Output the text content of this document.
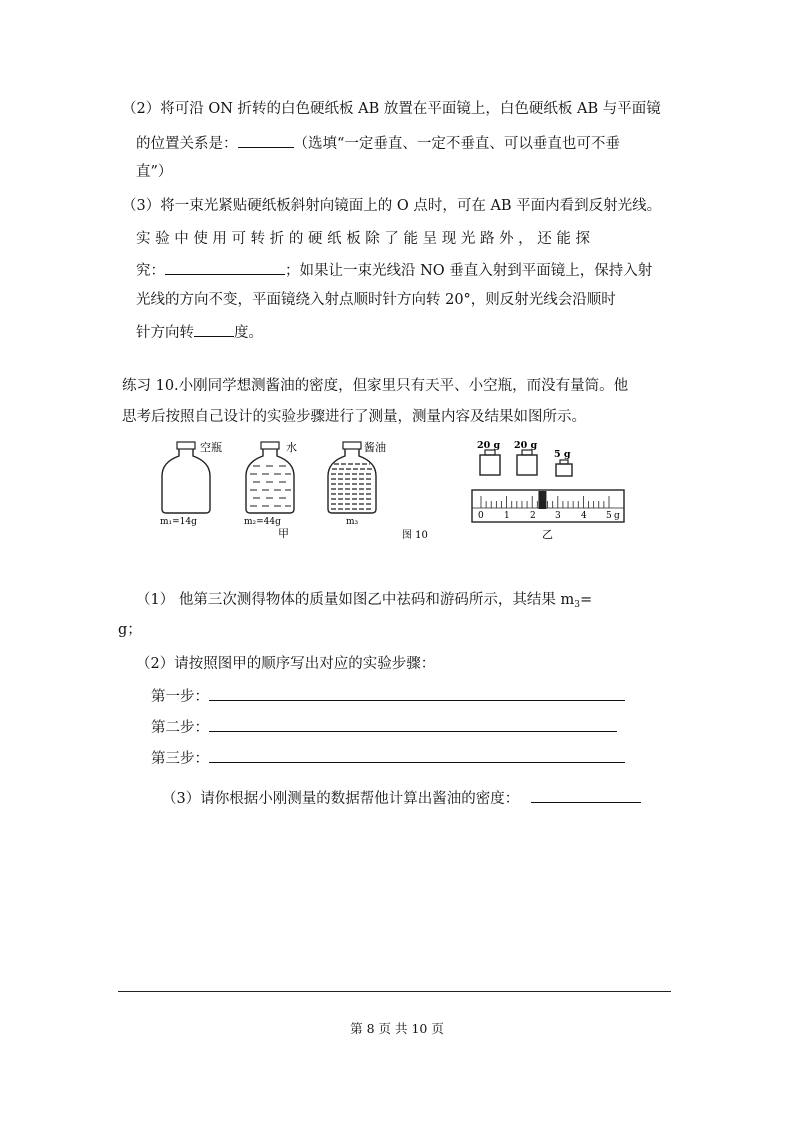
（2）将可沿 ON 折转的白色硬纸板 AB 放置在平面镜上，白色硬纸板 AB 与平面镜
的位置关系是：	（选填“一定垂直、一定不垂直、可以垂直也可不垂
直”）
（3）将一束光紧贴硬纸板斜射向镜面上的 O 点时，可在 AB 平面内看到反射光线。
实 验 中 使 用 可 转 折 的 硬 纸 板 除 了 能 呈 现 光 路 外 ， 还 能 探
究：	；如果让一束光线沿 NO 垂直入射到平面镜上，保持入射
光线的方向不变，平面镜绕入射点顺时针方向转 20°，则反射光线会沿顺时
针方向转	度。
练习 10.小刚同学想测酱油的密度，但家里只有天平、小空瓶，而没有量筒。他
思考后按照自己设计的实验步骤进行了测量，测量内容及结果如图所示。
空瓶
m₁=14g
水
m₂=44g
酱油
m₃
甲	图 10
20 g 20 g
5 g
0 1 2 3 4 5 g
乙
（1） 他第三次测得物体的质量如图乙中祛码和游码所示，其结果 $m_3=$
g；
（2）请按照图甲的顺序写出对应的实验步骤：
第一步：
第二步：
第三步：
（3）请你根据小刚测量的数据帮他计算出酱油的密度：
第 8 页 共 10 页
